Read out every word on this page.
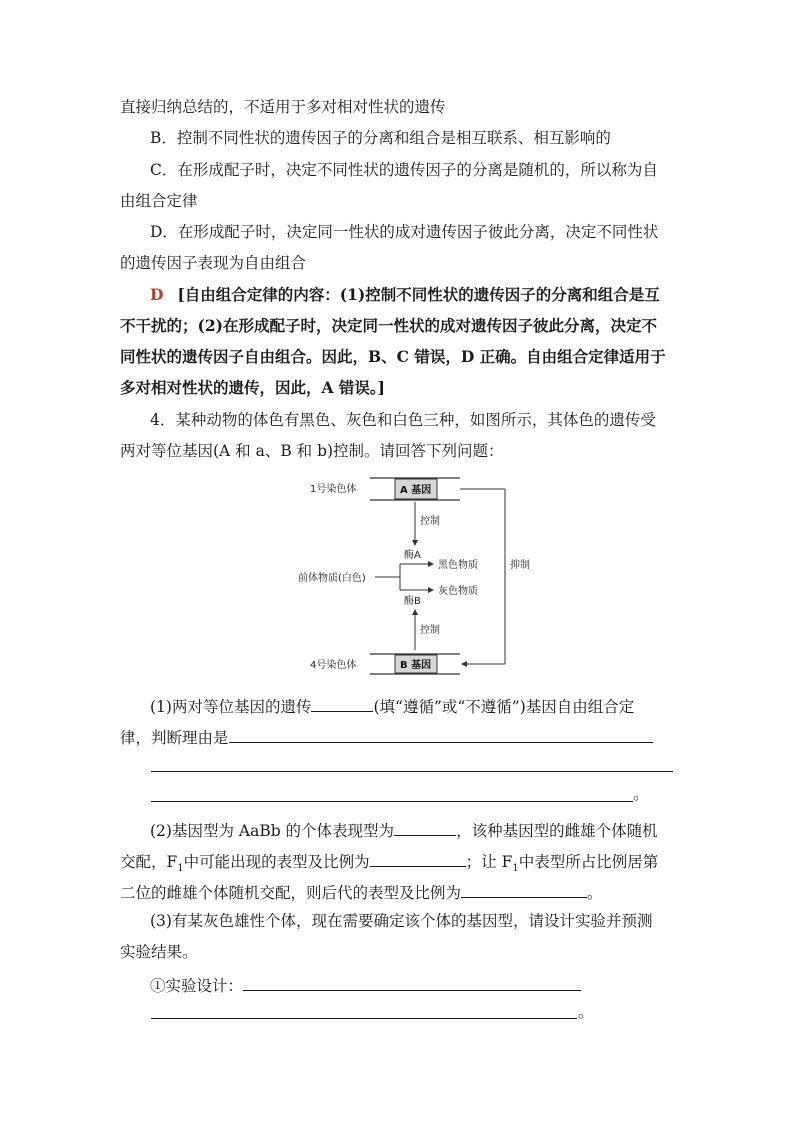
直接归纳总结的，不适用于多对相对性状的遗传
B．控制不同性状的遗传因子的分离和组合是相互联系、相互影响的
C．在形成配子时，决定不同性状的遗传因子的分离是随机的，所以称为自
由组合定律
D．在形成配子时，决定同一性状的成对遗传因子彼此分离，决定不同性状
的遗传因子表现为自由组合
D [自由组合定律的内容：(1)控制不同性状的遗传因子的分离和组合是互
不干扰的；(2)在形成配子时，决定同一性状的成对遗传因子彼此分离，决定不
同性状的遗传因子自由组合。因此，B、C 错误，D 正确。自由组合定律适用于
多对相对性状的遗传，因此，A 错误。]
4．某种动物的体色有黑色、灰色和白色三种，如图所示，其体色的遗传受
两对等位基因(A 和 a、B 和 b)控制。请回答下列问题：
1号染色体	A 基因
控制
酶A
前体物质(白色)
黑色物质
灰色物质
酶B
控制
4号染色体	B 基因
抑制
(1)两对等位基因的遗传	(填“遵循”或“不遵循”)基因自由组合定
律，判断理由是
。
(2)基因型为 AaBb 的个体表现型为	，该种基因型的雌雄个体随机
交配，$F_1$中可能出现的表型及比例为	；让 $F_1$中表型所占比例居第
二位的雌雄个体随机交配，则后代的表型及比例为	。
(3)有某灰色雄性个体，现在需要确定该个体的基因型，请设计实验并预测
实验结果。
①实验设计：
。
